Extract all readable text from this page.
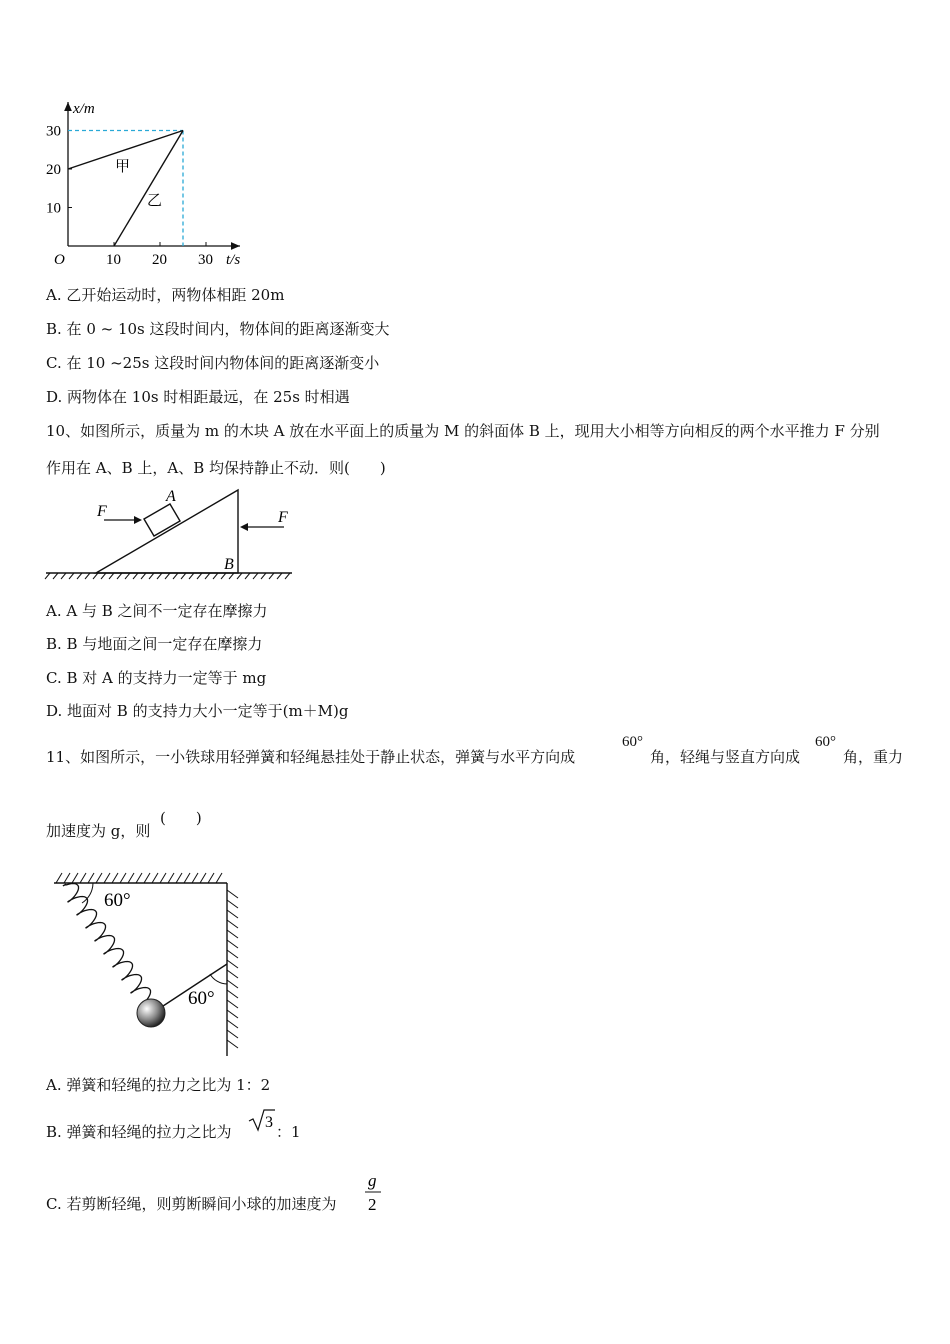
x/m
t/s
O
10
20
30
10 20 30
甲
乙
A. 乙开始运动时，两物体相距 20m
B. 在 0 ~ 10s 这段时间内，物体间的距离逐渐变大
C. 在 10 ~25s 这段时间内物体间的距离逐渐变小
D. 两物体在 10s 时相距最远，在 25s 时相遇
10、如图所示，质量为 m 的木块 A 放在水平面上的质量为 M 的斜面体 B 上，现用大小相等方向相反的两个水平推力 F 分别
作用在 A、B 上，A、B 均保持静止不动．则(　　)
F	F
A
B
A. A 与 B 之间不一定存在摩擦力
B. B 与地面之间一定存在摩擦力
C. B 对 A 的支持力一定等于 mg
D. 地面对 B 的支持力大小一定等于(m＋M)g
11、如图所示，一小铁球用轻弹簧和轻绳悬挂处于静止状态，弹簧与水平方向成
60°
角，轻绳与竖直方向成
60°
角，重力
加速度为 g，则
(　　)
60°
60°
A. 弹簧和轻绳的拉力之比为 1：2
B. 弹簧和轻绳的拉力之比为
3
：1
C. 若剪断轻绳，则剪断瞬间小球的加速度为
g
2
